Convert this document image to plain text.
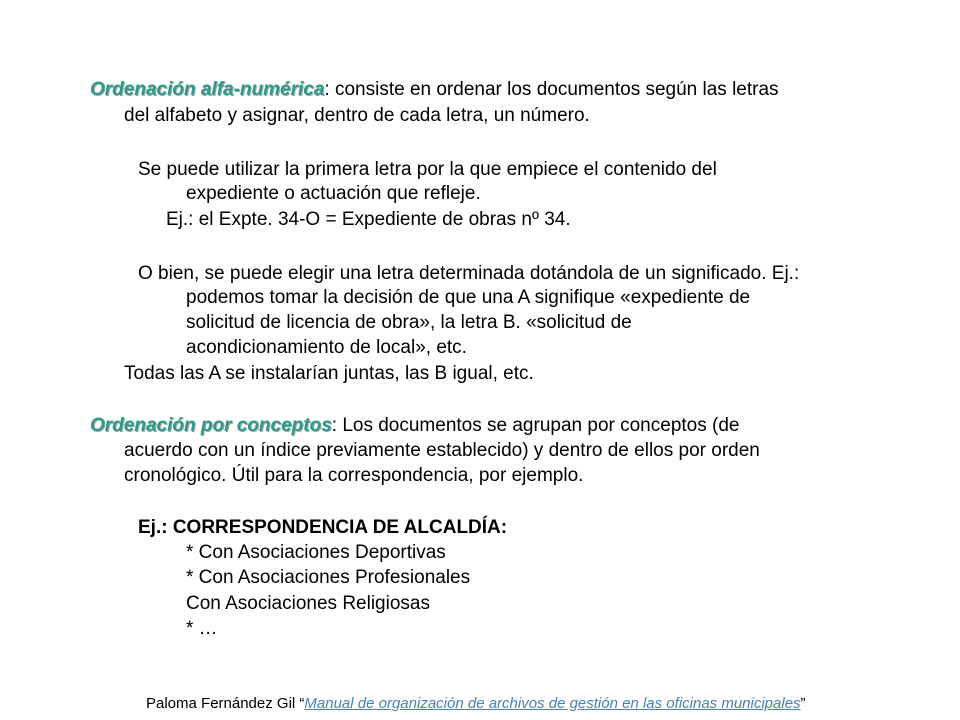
Ordenación alfa-numérica: consiste en ordenar los documentos según las letras
del alfabeto y asignar, dentro de cada letra, un número.
Se puede utilizar la primera letra por la que empiece el contenido del
expediente o actuación que refleje.
Ej.: el Expte. 34-O = Expediente de obras nº 34.
O bien, se puede elegir una letra determinada dotándola de un significado. Ej.:
podemos tomar la decisión de que una A signifique «expediente de
solicitud de licencia de obra», la letra B. «solicitud de
acondicionamiento de local», etc.
Todas las A se instalarían juntas, las B igual, etc.
Ordenación por conceptos: Los documentos se agrupan por conceptos (de
acuerdo con un índice previamente establecido) y dentro de ellos por orden
cronológico. Útil para la correspondencia, por ejemplo.
Ej.: CORRESPONDENCIA DE ALCALDÍA:
* Con Asociaciones Deportivas
* Con Asociaciones Profesionales
Con Asociaciones Religiosas
* …
Paloma Fernández Gil “Manual de organización de archivos de gestión en las oficinas municipales”
